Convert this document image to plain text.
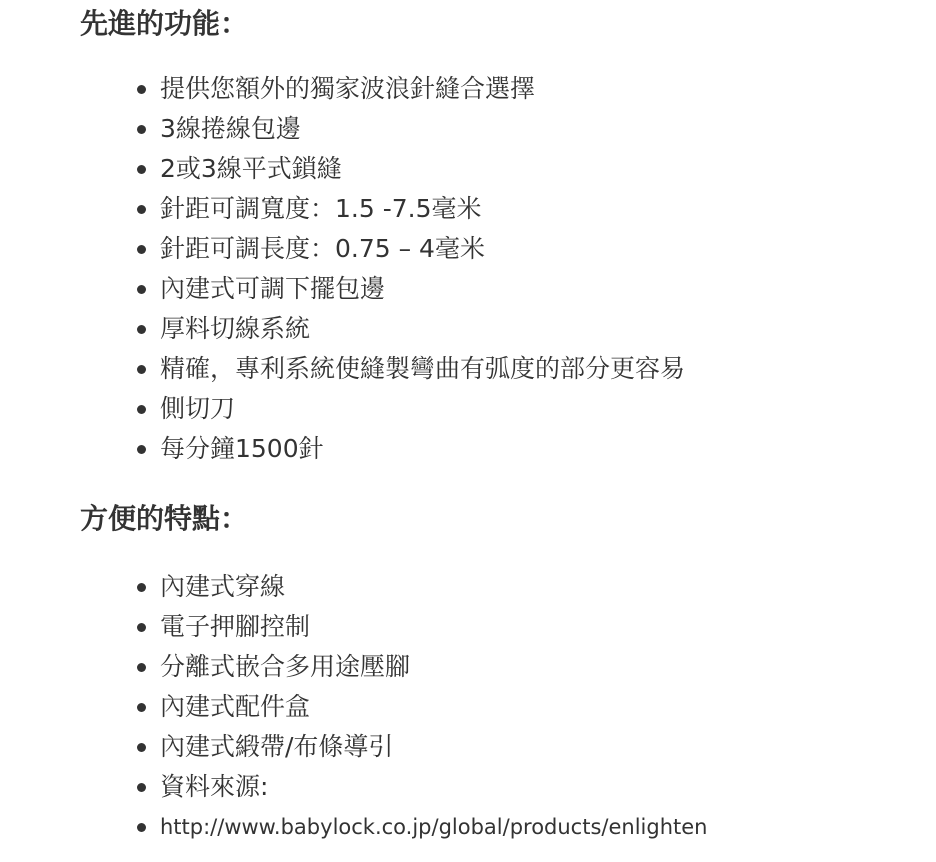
先進的功能：
提供您額外的獨家波浪針縫合選擇
3線捲線包邊
2或3線平式鎖縫
針距可調寬度：1.5 -7.5毫米
針距可調長度：0.75 – 4毫米
內建式可調下擺包邊
厚料切線系統
精確，專利系統使縫製彎曲有弧度的部分更容易
側切刀
每分鐘1500針
方便的特點：
內建式穿線
電子押腳控制
分離式嵌合多用途壓腳
內建式配件盒
內建式緞帶/布條導引
資料來源:
http://www.babylock.co.jp/global/products/enlighten
